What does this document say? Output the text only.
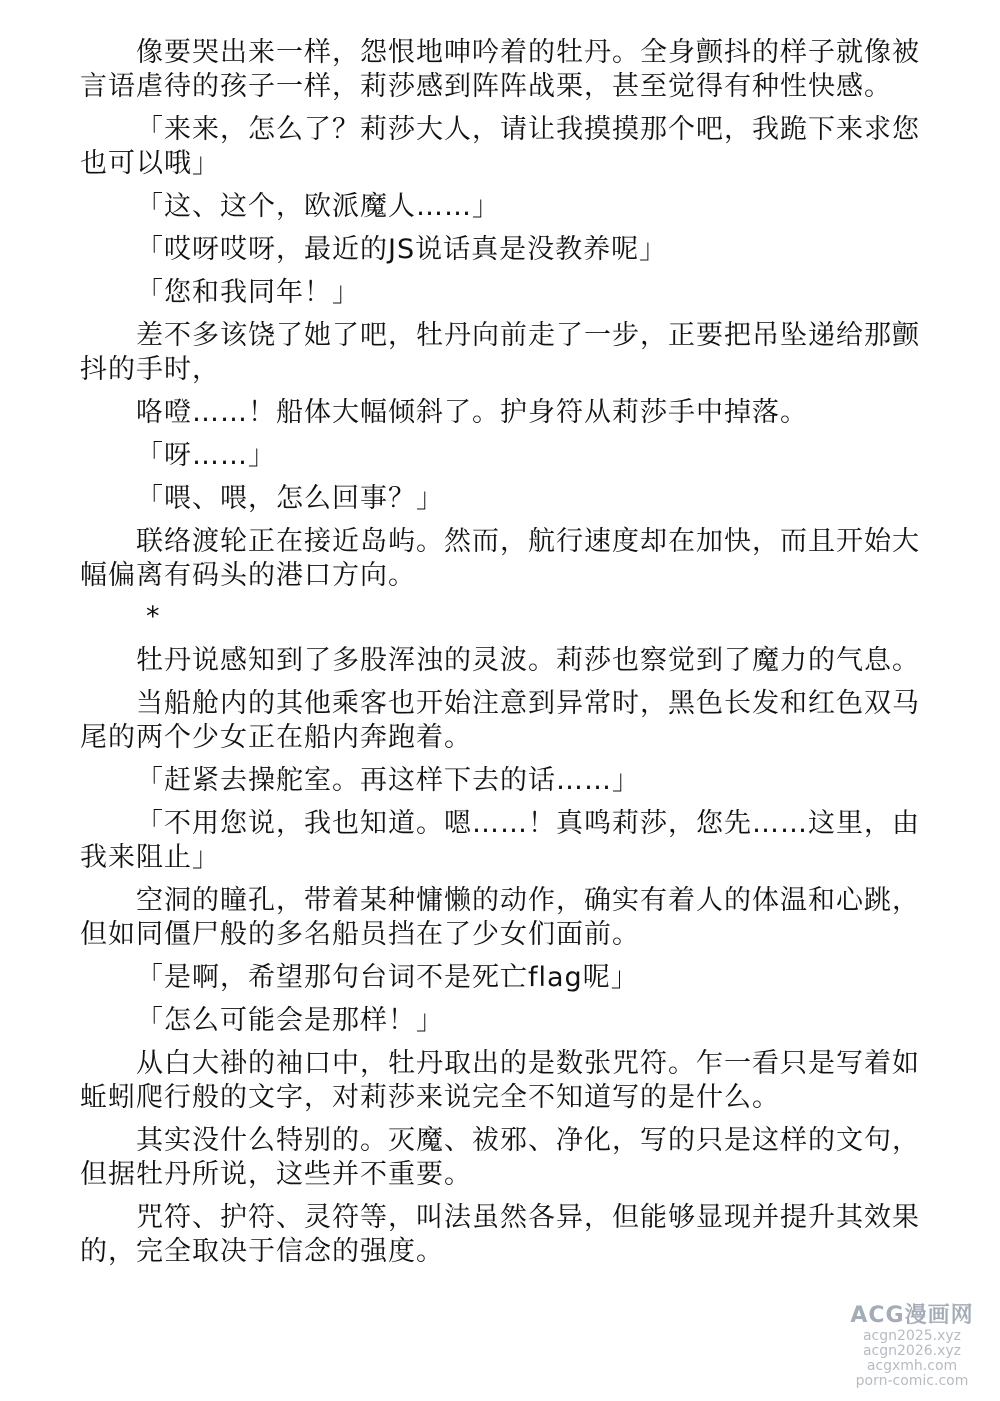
像要哭出来一样，怨恨地呻吟着的牡丹。全身颤抖的样子就像被言语虐待的孩子一样，莉莎感到阵阵战栗，甚至觉得有种性快感。

「来来，怎么了？莉莎大人，请让我摸摸那个吧，我跪下来求您也可以哦」

「这、这个，欧派魔人……」

「哎呀哎呀，最近的JS说话真是没教养呢」

「您和我同年！」

差不多该饶了她了吧，牡丹向前走了一步，正要把吊坠递给那颤抖的手时，

咯噔……！船体大幅倾斜了。护身符从莉莎手中掉落。

「呀……」

「喂、喂，怎么回事？」

联络渡轮正在接近岛屿。然而，航行速度却在加快，而且开始大幅偏离有码头的港口方向。

*

牡丹说感知到了多股浑浊的灵波。莉莎也察觉到了魔力的气息。

当船舱内的其他乘客也开始注意到异常时，黑色长发和红色双马尾的两个少女正在船内奔跑着。

「赶紧去操舵室。再这样下去的话……」

「不用您说，我也知道。嗯……！真鸣莉莎，您先……这里，由我来阻止」

空洞的瞳孔，带着某种慵懒的动作，确实有着人的体温和心跳，但如同僵尸般的多名船员挡在了少女们面前。

「是啊，希望那句台词不是死亡flag呢」

「怎么可能会是那样！」

从白大褂的袖口中，牡丹取出的是数张咒符。乍一看只是写着如蚯蚓爬行般的文字，对莉莎来说完全不知道写的是什么。

其实没什么特别的。灭魔、祓邪、净化，写的只是这样的文句，但据牡丹所说，这些并不重要。

咒符、护符、灵符等，叫法虽然各异，但能够显现并提升其效果的，完全取决于信念的强度。

ACG漫画网
acgn2025.xyz
acgn2026.xyz
acgxmh.com
porn-comic.com
